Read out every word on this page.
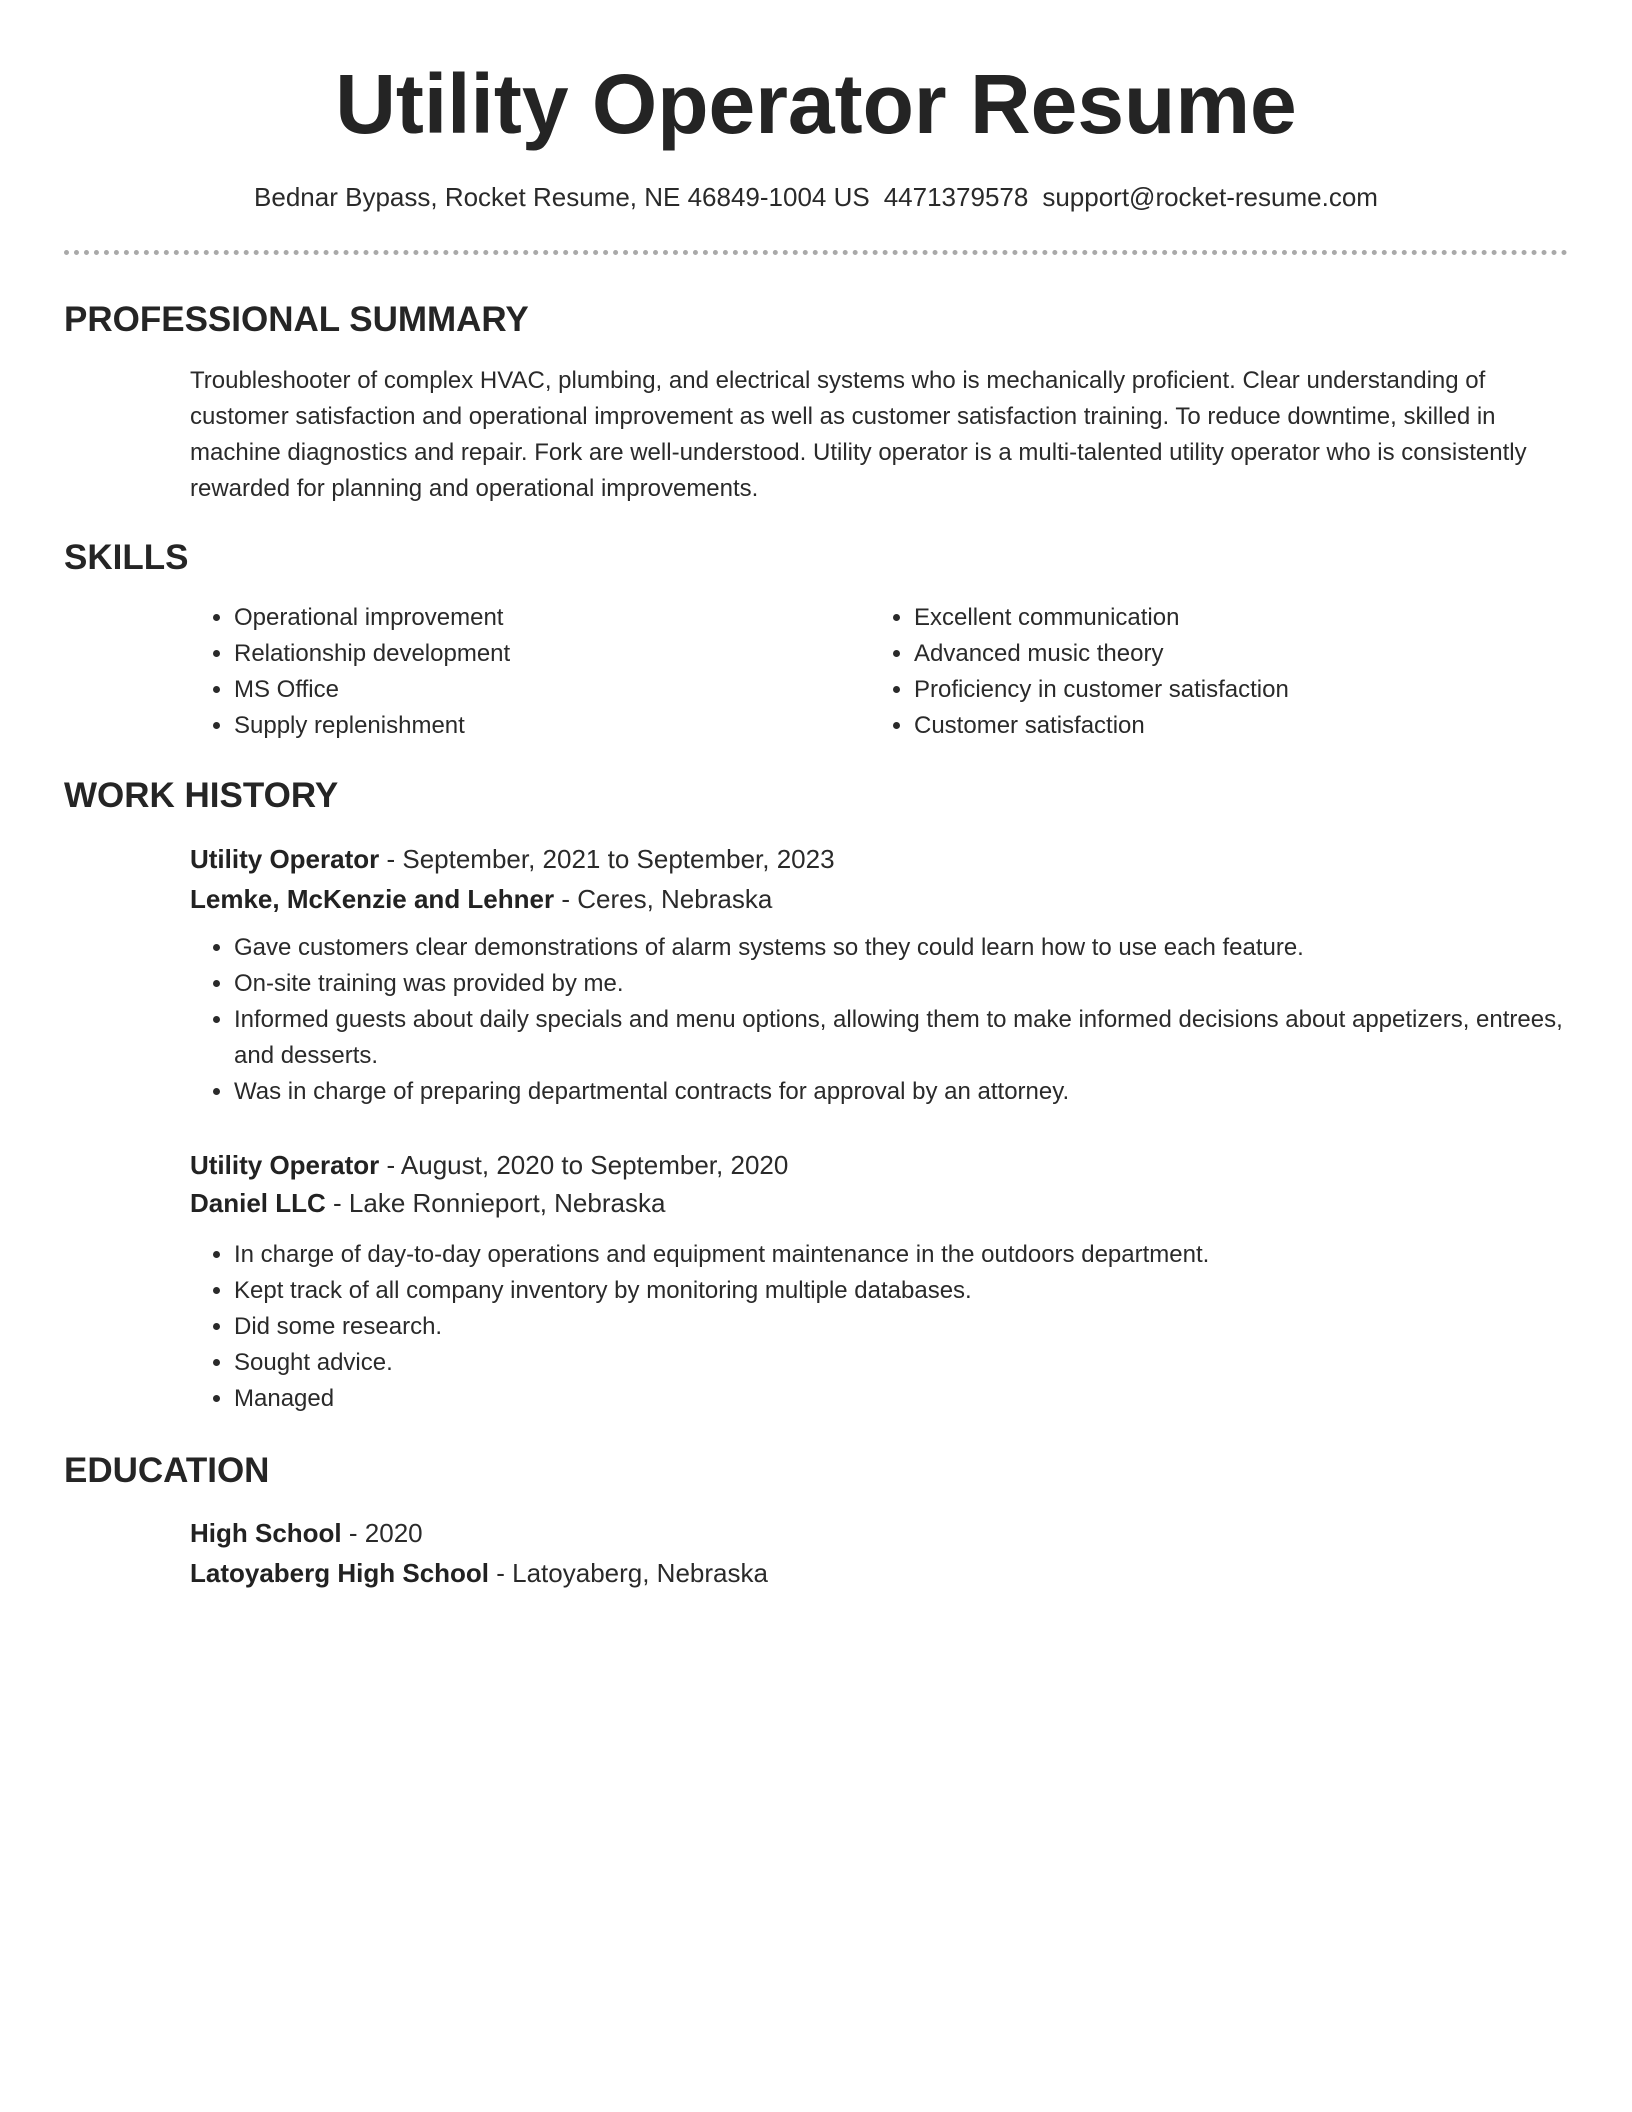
Utility Operator Resume
Bednar Bypass, Rocket Resume, NE 46849-1004 US 4471379578 support@rocket-resume.com
PROFESSIONAL SUMMARY

Troubleshooter of complex HVAC, plumbing, and electrical systems who is mechanically proficient. Clear understanding of customer satisfaction and operational improvement as well as customer satisfaction training. To reduce downtime, skilled in machine diagnostics and repair. Fork are well-understood. Utility operator is a multi-talented utility operator who is consistently rewarded for planning and operational improvements.

SKILLS
• Operational improvement
• Relationship development
• MS Office
• Supply replenishment
• Excellent communication
• Advanced music theory
• Proficiency in customer satisfaction
• Customer satisfaction
WORK HISTORY
Utility Operator - September, 2021 to September, 2023
Lemke, McKenzie and Lehner - Ceres, Nebraska
• Gave customers clear demonstrations of alarm systems so they could learn how to use each feature.
• On-site training was provided by me.
• Informed guests about daily specials and menu options, allowing them to make informed decisions about appetizers, entrees, and desserts.
• Was in charge of preparing departmental contracts for approval by an attorney.
Utility Operator - August, 2020 to September, 2020
Daniel LLC - Lake Ronnieport, Nebraska
• In charge of day-to-day operations and equipment maintenance in the outdoors department.
• Kept track of all company inventory by monitoring multiple databases.
• Did some research.
• Sought advice.
• Managed
EDUCATION
High School - 2020
Latoyaberg High School - Latoyaberg, Nebraska
